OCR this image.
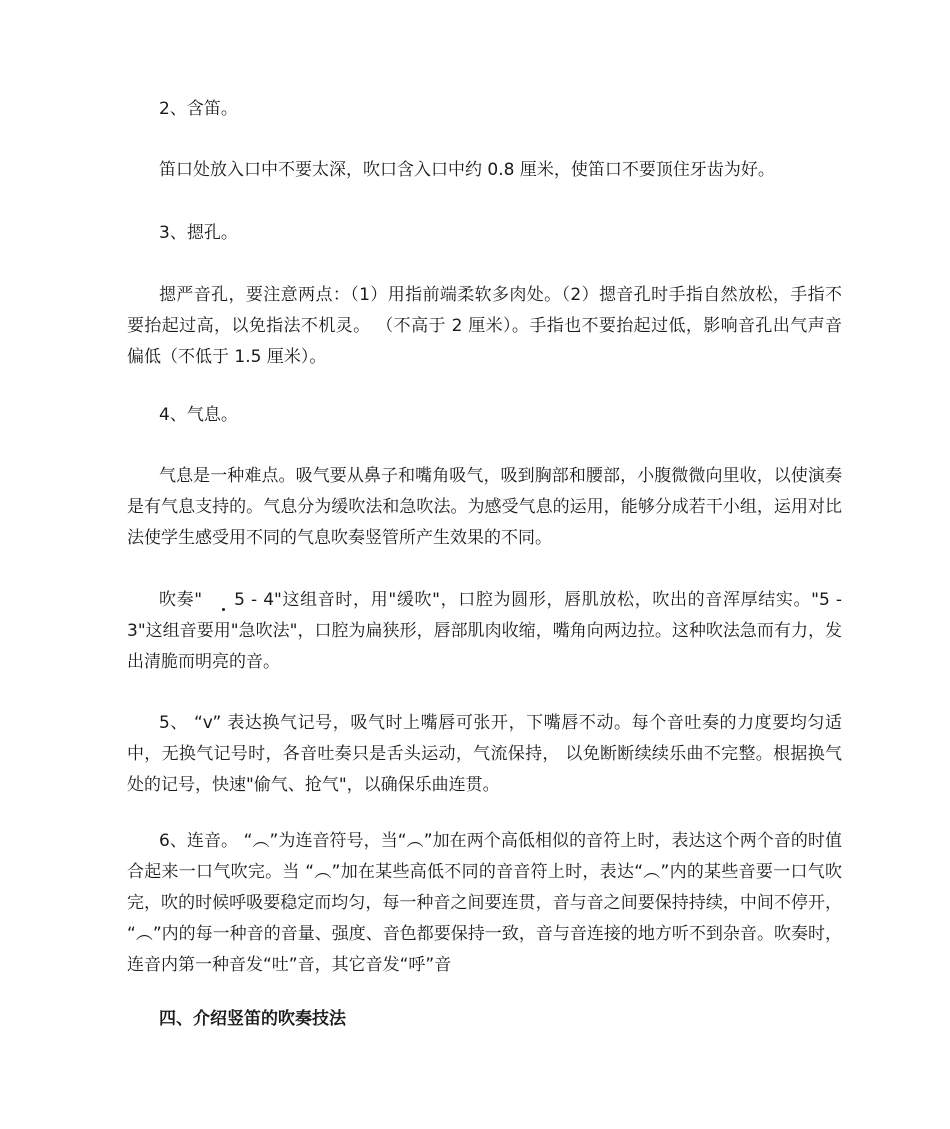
2、含笛。

笛口处放入口中不要太深，吹口含入口中约 0.8 厘米，使笛口不要顶住牙齿为好。

3、摁孔。

摁严音孔，要注意两点：（1）用指前端柔软多肉处。（2）摁音孔时手指自然放松，手指不要抬起过高，以免指法不机灵。 （不高于 2 厘米）。手指也不要抬起过低，影响音孔出气声音 偏低（不低于 1.5 厘米）。

4、气息。

气息是一种难点。吸气要从鼻子和嘴角吸气，吸到胸部和腰部，小腹微微向里收，以使演奏是有气息支持的。气息分为缓吹法和急吹法。为感受气息的运用，能够分成若干小组，运用对比法使学生感受用不同的气息吹奏竖管所产生效果的不同。

吹奏" 5
- 4"这组音时，用"缓吹"，口腔为圆形，唇肌放松，吹出的音浑厚结实。"5 - 3"这组音要用"急吹法"，口腔为扁狭形，唇部肌肉收缩，嘴角向两边拉。这种吹法急而有力，发出清脆而明亮的音。

5、 “v” 表达换气记号，吸气时上嘴唇可张开，下嘴唇不动。每个音吐奏的力度要均匀适中，无换气记号时，各音吐奏只是舌头运动，气流保持， 以免断断续续乐曲不完整。根据换气处的记号，快速"偷气、抢气"，以确保乐曲连贯。

6、连音。 “︵”为连音符号，当“︵”加在两个高低相似的音符上时，表达这个两个音的时值合起来一口气吹完。当 “︵”加在某些高低不同的音音符上时，表达“︵”内的某些音要一口气吹完，吹的时候呼吸要稳定而均匀，每一种音之间要连贯，音与音之间要保持持续，中间不停开， “︵”内的每一种音的音量、强度、音色都要保持一致，音与音连接的地方听不到杂音。吹奏时，连音内第一种音发“吐”音，其它音发“呼”音

四、介绍竖笛的吹奏技法
